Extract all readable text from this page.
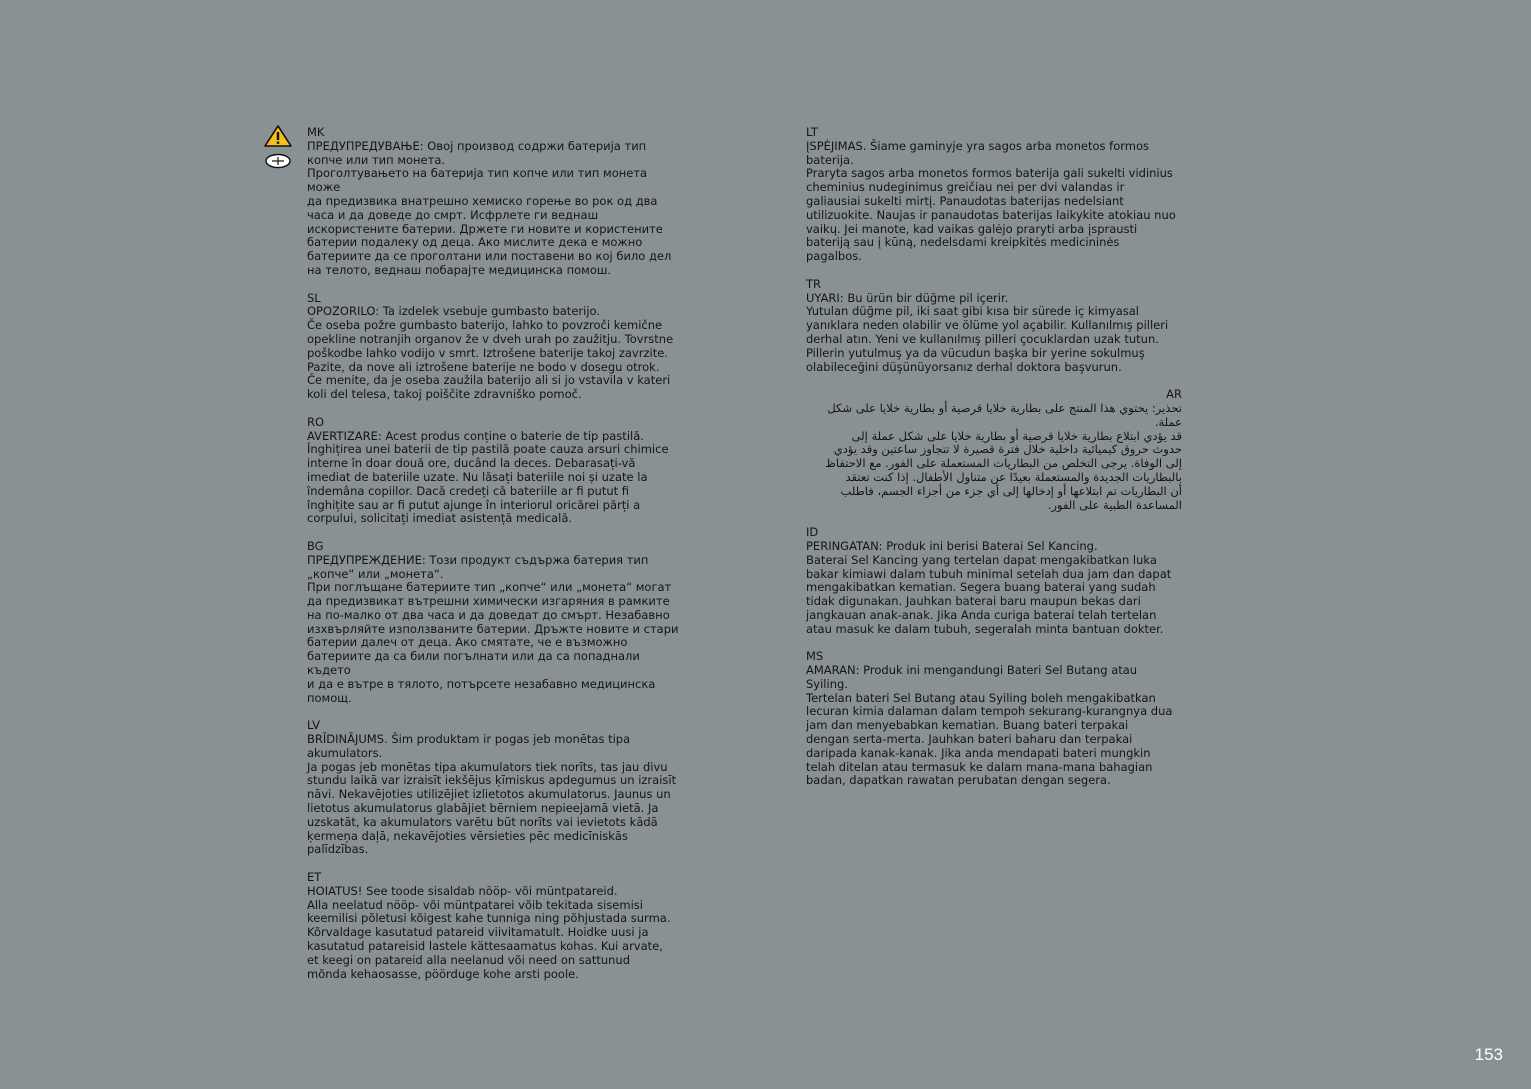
MK

ПРЕДУПРЕДУВАЊЕ: Овој производ содржи батерија тип
копче или тип монета.
Проголтувањето на батерија тип копче или тип монета може
да предизвика внатрешно хемиско горење во рок од два
часа и да доведе до смрт. Исфрлете ги веднаш
искористените батерии. Држете ги новите и користените
батерии подалеку од деца. Ако мислите дека е можно
батериите да се проголтани или поставени во кој било дел
на телото, веднаш побарајте медицинска помош.

SL

OPOZORILO: Ta izdelek vsebuje gumbasto baterijo.
Če oseba požre gumbasto baterijo, lahko to povzroči kemične
opekline notranjih organov že v dveh urah po zaužitju. Tovrstne
poškodbe lahko vodijo v smrt. Iztrošene baterije takoj zavrzite.
Pazite, da nove ali iztrošene baterije ne bodo v dosegu otrok.
Če menite, da je oseba zaužila baterijo ali si jo vstavila v kateri
koli del telesa, takoj poiščite zdravniško pomoč.

RO

AVERTIZARE: Acest produs conține o baterie de tip pastilă.
Înghițirea unei baterii de tip pastilă poate cauza arsuri chimice
interne în doar două ore, ducând la deces. Debarasați-vă
imediat de bateriile uzate. Nu lăsați bateriile noi și uzate la
îndemâna copiilor. Dacă credeți că bateriile ar fi putut fi
înghițite sau ar fi putut ajunge în interiorul oricărei părți a
corpului, solicitați imediat asistență medicală.

BG

ПРЕДУПРЕЖДЕНИЕ: Този продукт съдържа батерия тип
„копче“ или „монета“.
При поглъщане батериите тип „копче“ или „монета“ могат
да предизвикат вътрешни химически изгаряния в рамките
на по-малко от два часа и да доведат до смърт. Незабавно
изхвърляйте използваните батерии. Дръжте новите и стари
батерии далеч от деца. Ако смятате, че е възможно
батериите да са били погълнати или да са попаднали където
и да е вътре в тялото, потърсете незабавно медицинска
помощ.

LV

BRĪDINĀJUMS. Šim produktam ir pogas jeb monētas tipa
akumulators.
Ja pogas jeb monētas tipa akumulators tiek norīts, tas jau divu
stundu laikā var izraisīt iekšējus ķīmiskus apdegumus un izraisīt
nāvi. Nekavējoties utilizējiet izlietotos akumulatorus. Jaunus un
lietotus akumulatorus glabājiet bērniem nepieejamā vietā. Ja
uzskatāt, ka akumulators varētu būt norīts vai ievietots kādā
ķermeņa daļā, nekavējoties vērsieties pēc medicīniskās
palīdzības.

ET

HOIATUS! See toode sisaldab nööp- või müntpatareid.
Alla neelatud nööp- või müntpatarei võib tekitada sisemisi
keemilisi põletusi kõigest kahe tunniga ning põhjustada surma.
Kõrvaldage kasutatud patareid viivitamatult. Hoidke uusi ja
kasutatud patareisid lastele kättesaamatus kohas. Kui arvate,
et keegi on patareid alla neelanud või need on sattunud
mõnda kehaosasse, pöörduge kohe arsti poole.

LT

ĮSPĖJIMAS. Šiame gaminyje yra sagos arba monetos formos
baterija.
Praryta sagos arba monetos formos baterija gali sukelti vidinius
cheminius nudeginimus greičiau nei per dvi valandas ir
galiausiai sukelti mirtį. Panaudotas baterijas nedelsiant
utilizuokite. Naujas ir panaudotas baterijas laikykite atokiau nuo
vaikų. Jei manote, kad vaikas galėjo praryti arba įsprausti
bateriją sau į kūną, nedelsdami kreipkitės medicininės
pagalbos.

TR

UYARI: Bu ürün bir düğme pil içerir.
Yutulan düğme pil, iki saat gibi kısa bir sürede iç kimyasal
yanıklara neden olabilir ve ölüme yol açabilir. Kullanılmış pilleri
derhal atın. Yeni ve kullanılmış pilleri çocuklardan uzak tutun.
Pillerin yutulmuş ya da vücudun başka bir yerine sokulmuş
olabileceğini düşünüyorsanız derhal doktora başvurun.

AR

تحذير: يحتوي هذا المنتج على بطارية خلايا قرصية أو بطارية خلايا على شكل
عملة.
قد يؤدي ابتلاع بطارية خلايا قرصية أو بطارية خلايا على شكل عملة إلى
حدوث حروق كيميائية داخلية خلال فترة قصيرة لا تتجاوز ساعتين وقد يؤدي
إلى الوفاة. يرجى التخلص من البطاريات المستعملة على الفور. مع الاحتفاظ
بالبطاريات الجديدة والمستعملة بعيدًا عن متناول الأطفال. إذا كنت تعتقد
أن البطاريات تم ابتلاعها أو إدخالها إلى أي جزء من أجزاء الجسم، فاطلب
المساعدة الطبية على الفور.

ID

PERINGATAN: Produk ini berisi Baterai Sel Kancing.
Baterai Sel Kancing yang tertelan dapat mengakibatkan luka
bakar kimiawi dalam tubuh minimal setelah dua jam dan dapat
mengakibatkan kematian. Segera buang baterai yang sudah
tidak digunakan. Jauhkan baterai baru maupun bekas dari
jangkauan anak-anak. Jika Anda curiga baterai telah tertelan
atau masuk ke dalam tubuh, segeralah minta bantuan dokter.

MS

AMARAN: Produk ini mengandungi Bateri Sel Butang atau
Syiling.
Tertelan bateri Sel Butang atau Syiling boleh mengakibatkan
lecuran kimia dalaman dalam tempoh sekurang-kurangnya dua
jam dan menyebabkan kematian. Buang bateri terpakai
dengan serta-merta. Jauhkan bateri baharu dan terpakai
daripada kanak-kanak. Jika anda mendapati bateri mungkin
telah ditelan atau termasuk ke dalam mana-mana bahagian
badan, dapatkan rawatan perubatan dengan segera.

153
